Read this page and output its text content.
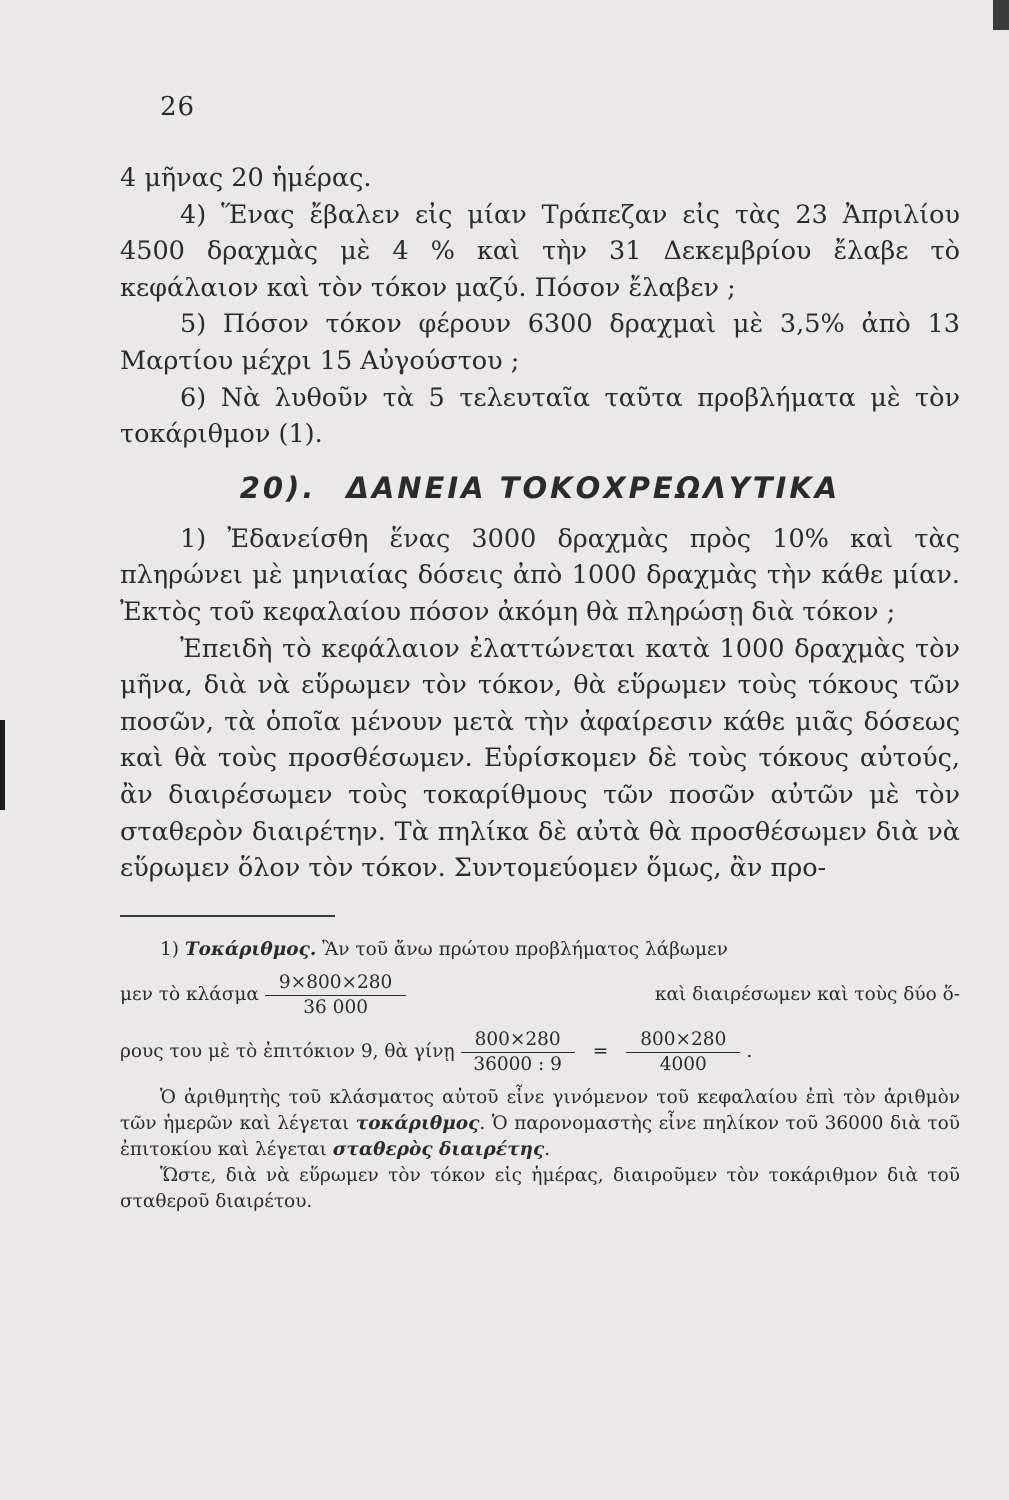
26

4 μῆνας 20 ἡμέρας.

4) Ἕνας ἔβαλεν εἰς μίαν Τράπεζαν εἰς τὰς 23 Ἀπριλίου 4500 δραχμὰς μὲ 4 % καὶ τὴν 31 Δεκεμβρίου ἔλαβε τὸ κεφάλαιον καὶ τὸν τόκον μαζύ. Πόσον ἔλαβεν ;

5) Πόσον τόκον φέρουν 6300 δραχμαὶ μὲ 3,5% ἀπὸ 13 Μαρτίου μέχρι 15 Αὐγούστου ;

6) Νὰ λυθοῦν τὰ 5 τελευταῖα ταῦτα προβλήματα μὲ τὸν τοκάριθμον (1).

20). ΔΑΝΕΙΑ ΤΟΚΟΧΡΕΩΛΥΤΙΚΑ

1) Ἐδανείσθη ἕνας 3000 δραχμὰς πρὸς 10% καὶ τὰς πληρώνει μὲ μηνιαίας δόσεις ἀπὸ 1000 δραχμὰς τὴν κάθε μίαν. Ἐκτὸς τοῦ κεφαλαίου πόσον ἀκόμη θὰ πληρώσῃ διὰ τόκον ;

Ἐπειδὴ τὸ κεφάλαιον ἐλαττώνεται κατὰ 1000 δραχμὰς τὸν μῆνα, διὰ νὰ εὕρωμεν τὸν τόκον, θὰ εὕρωμεν τοὺς τόκους τῶν ποσῶν, τὰ ὁποῖα μένουν μετὰ τὴν ἀφαίρεσιν κάθε μιᾶς δόσεως καὶ θὰ τοὺς προσθέσωμεν. Εὑρίσκομεν δὲ τοὺς τόκους αὐτούς, ἂν διαιρέσωμεν τοὺς τοκαρίθμους τῶν ποσῶν αὐτῶν μὲ τὸν σταθερὸν διαιρέτην. Τὰ πηλίκα δὲ αὐτὰ θὰ προσθέσωμεν διὰ νὰ εὕρωμεν ὅλον τὸν τόκον. Συντομεύομεν ὅμως, ἂν προ-

1) Τοκάριθμος. Ἂν τοῦ ἄνω πρώτου προβλήματος λάβωμεν

μεν τὸ κλάσμα $\frac{9\times 800\times 280}{36 000}$	καὶ διαιρέσωμεν καὶ τοὺς δύο ὅ-
ρους του μὲ τὸ ἐπιτόκιον 9, θὰ γίνῃ $\frac{800\times 280}{36000 : 9} = \frac{800\times 280}{4000}$ .

Ὁ ἀριθμητὴς τοῦ κλάσματος αὐτοῦ εἶνε γινόμενον τοῦ κεφαλαίου ἐπὶ τὸν ἀριθμὸν τῶν ἡμερῶν καὶ λέγεται τοκάριθμος. Ὁ παρονομαστὴς εἶνε πηλίκον τοῦ 36000 διὰ τοῦ ἐπιτοκίου καὶ λέγεται σταθερὸς διαιρέτης.

Ὥστε, διὰ νὰ εὕρωμεν τὸν τόκον εἰς ἡμέρας, διαιροῦμεν τὸν τοκάριθμον διὰ τοῦ σταθεροῦ διαιρέτου.
